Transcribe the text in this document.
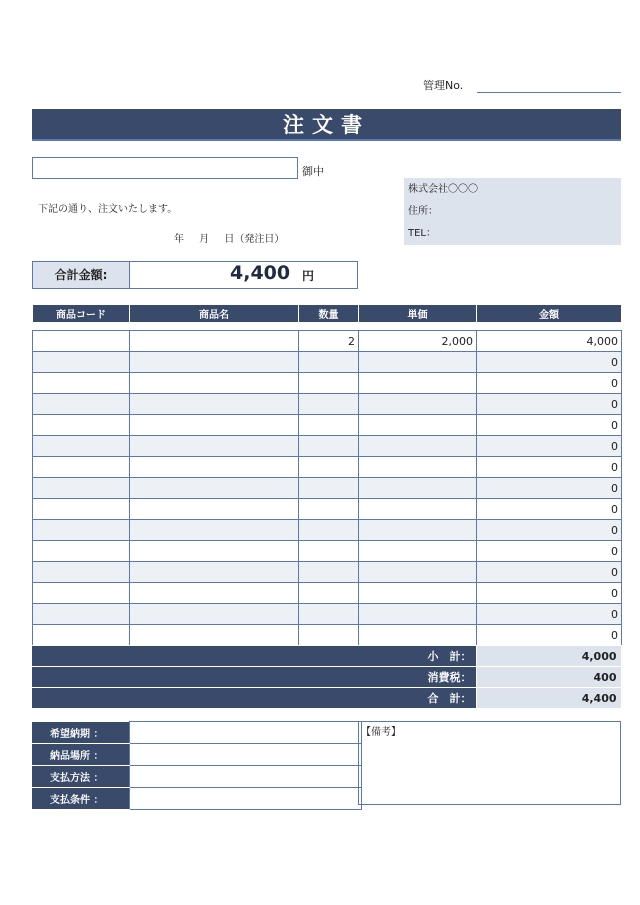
管理No.
注文書
御中
下記の通り、注文いたします。
年　 月　 日（発注日）
株式会社〇〇〇
住所：
TEL：
合計金額:	4,400 円
商品コード	商品名	数量	単価	金額

		2	2,000	4,000
				0
				0
				0
				0
				0
				0
				0
				0
				0
				0
				0
				0
				0
				0
小　計：	4,000
消費税：	400
合　計：	4,400
希望納期 ：	
納品場所 ：	
支払方法 ：	
支払条件 ：	
【備考】
